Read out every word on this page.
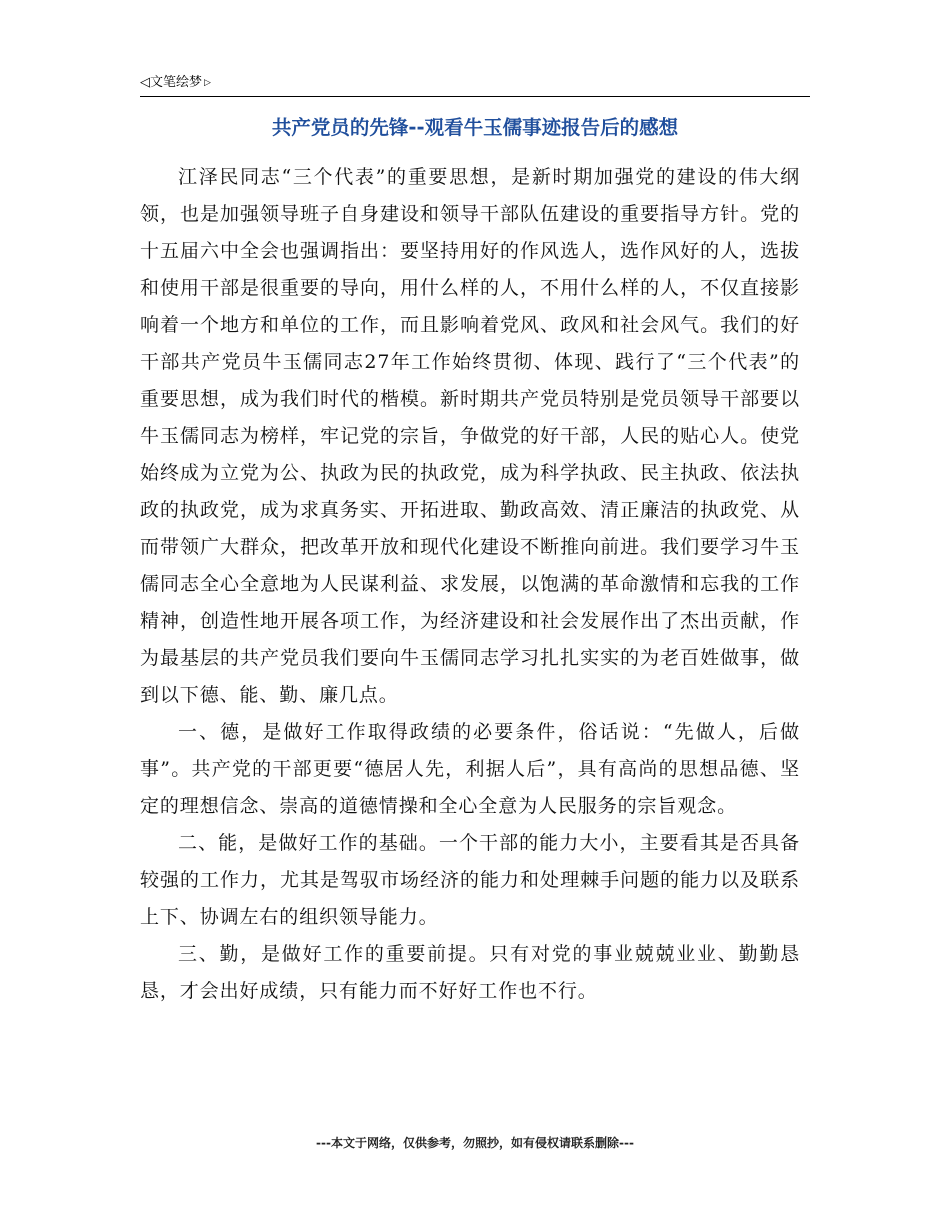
◁文笔绘梦 ▷
共产党员的先锋--观看牛玉儒事迹报告后的感想

江泽民同志“三个代表”的重要思想，是新时期加强党的建设的伟大纲领，也是加强领导班子自身建设和领导干部队伍建设的重要指导方针。党的十五届六中全会也强调指出：要坚持用好的作风选人，选作风好的人，选拔和使用干部是很重要的导向，用什么样的人，不用什么样的人，不仅直接影响着一个地方和单位的工作，而且影响着党风、政风和社会风气。我们的好干部共产党员牛玉儒同志27年工作始终贯彻、体现、践行了“三个代表”的重要思想，成为我们时代的楷模。新时期共产党员特别是党员领导干部要以牛玉儒同志为榜样，牢记党的宗旨，争做党的好干部，人民的贴心人。使党始终成为立党为公、执政为民的执政党，成为科学执政、民主执政、依法执政的执政党，成为求真务实、开拓进取、勤政高效、清正廉洁的执政党、从而带领广大群众，把改革开放和现代化建设不断推向前进。我们要学习牛玉儒同志全心全意地为人民谋利益、求发展，以饱满的革命激情和忘我的工作精神，创造性地开展各项工作，为经济建设和社会发展作出了杰出贡献，作为最基层的共产党员我们要向牛玉儒同志学习扎扎实实的为老百姓做事，做到以下德、能、勤、廉几点。

一、德，是做好工作取得政绩的必要条件，俗话说：“先做人，后做事”。共产党的干部更要“德居人先，利据人后”，具有高尚的思想品德、坚定的理想信念、崇高的道德情操和全心全意为人民服务的宗旨观念。

二、能，是做好工作的基础。一个干部的能力大小，主要看其是否具备较强的工作力，尤其是驾驭市场经济的能力和处理棘手问题的能力以及联系上下、协调左右的组织领导能力。

三、勤，是做好工作的重要前提。只有对党的事业兢兢业业、勤勤恳恳，才会出好成绩，只有能力而不好好工作也不行。

---本文于网络，仅供参考，勿照抄，如有侵权请联系删除---
